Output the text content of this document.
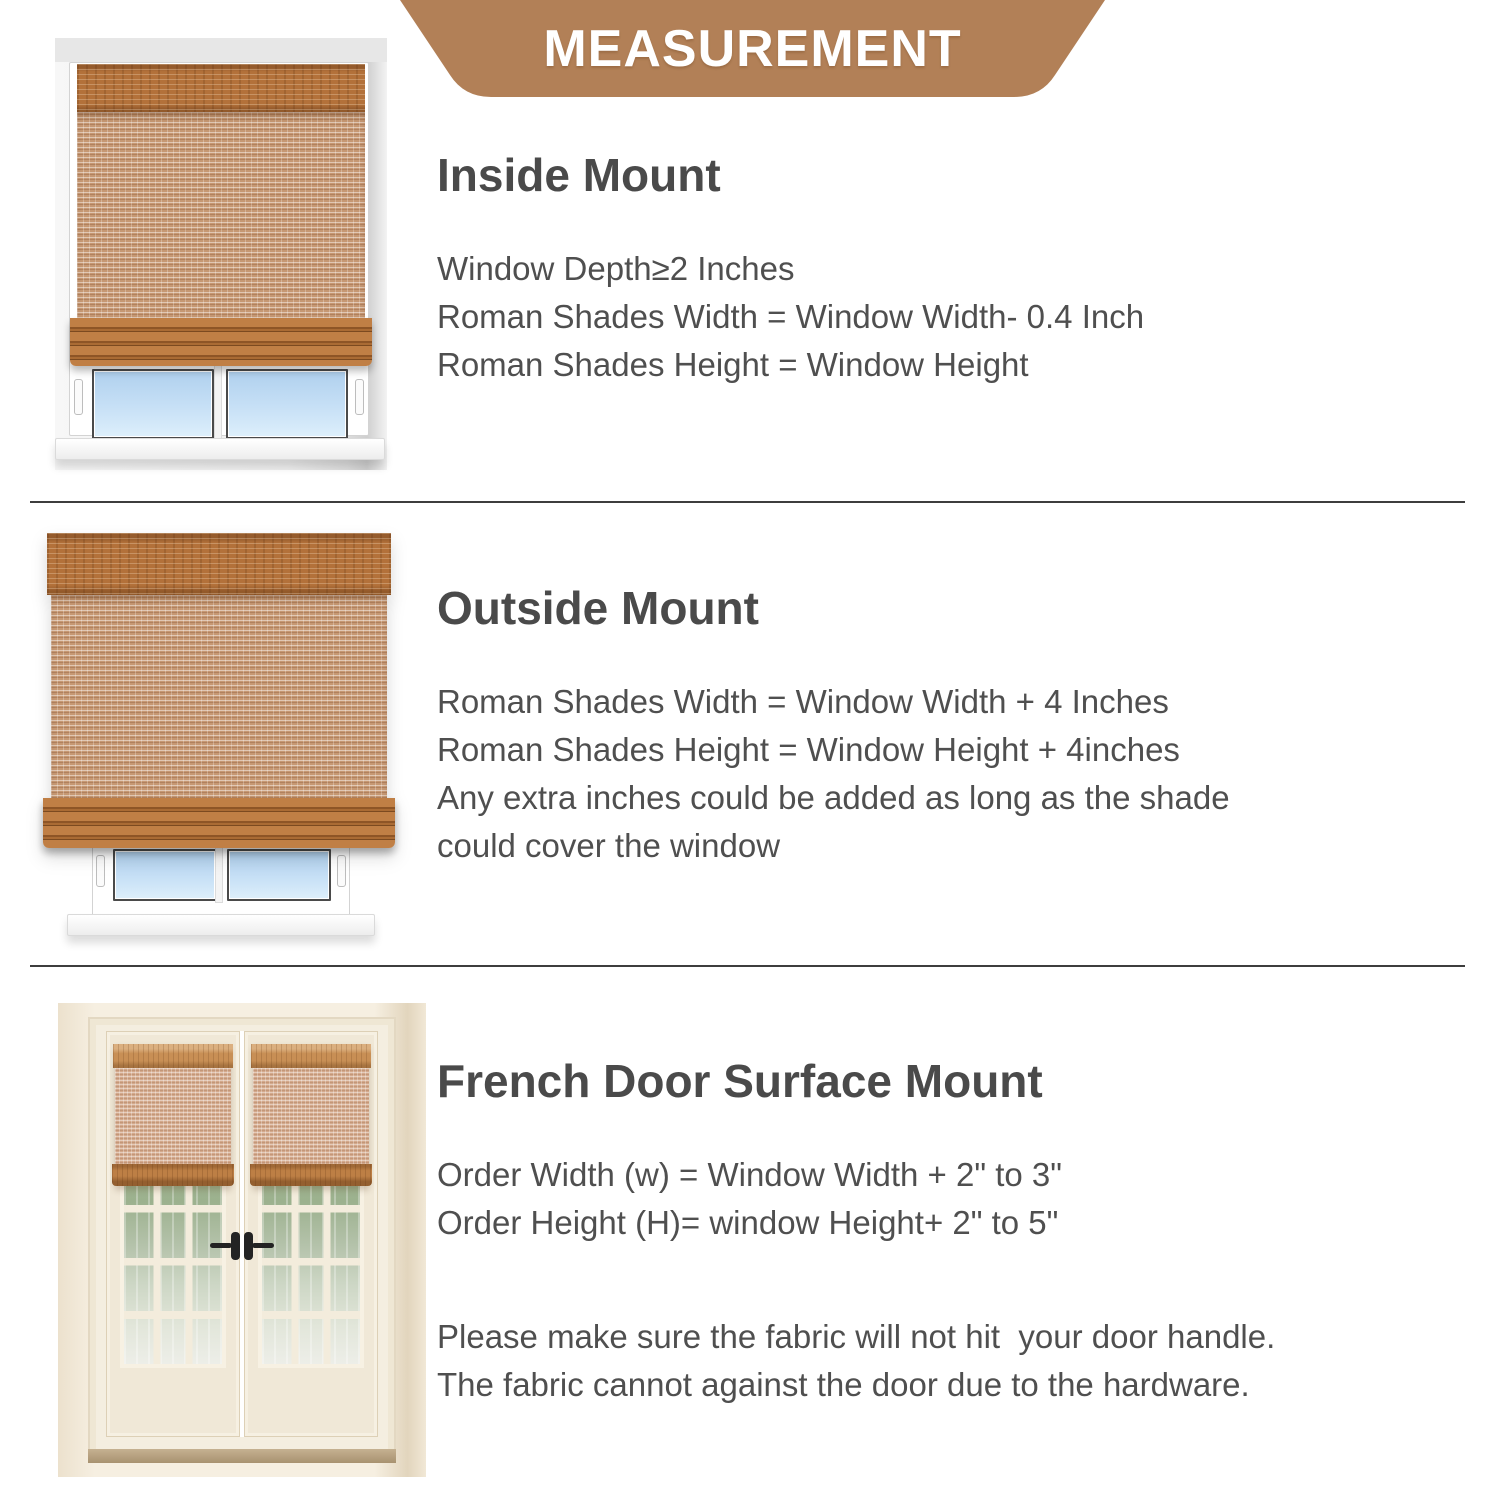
MEASUREMENT
Inside Mount
Window Depth≥2 Inches
Roman Shades Width = Window Width- 0.4 Inch
Roman Shades Height = Window Height
Outside Mount
Roman Shades Width = Window Width + 4 Inches
Roman Shades Height = Window Height + 4inches
Any extra inches could be added as long as the shade
could cover the window
French Door Surface Mount
Order Width (w) = Window Width + 2" to 3"
Order Height (H)= window Height+ 2" to 5"
Please make sure the fabric will not hit  your door handle.
The fabric cannot against the door due to the hardware.
